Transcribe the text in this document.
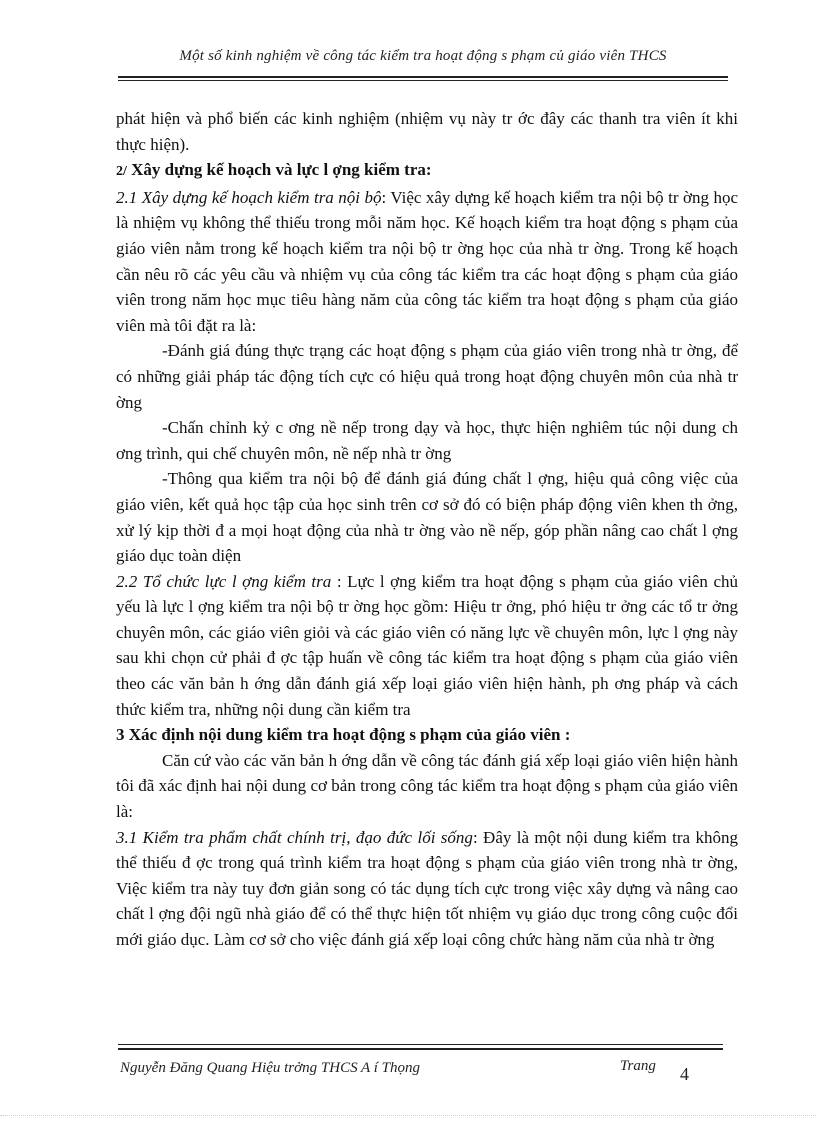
Một số kinh nghiệm về công tác kiểm tra hoạt động s phạm củ giáo viên THCS

phát hiện và phổ biến các kinh nghiệm (nhiệm vụ này tr ớc đây các thanh tra viên ít khi thực hiện).

2/ Xây dựng kế hoạch và lực l ợng kiểm tra:

2.1 Xây dựng kế hoạch kiểm tra nội bộ: Việc xây dựng kế hoạch kiểm tra nội bộ tr ờng học là nhiệm vụ không thể thiếu trong mỗi năm học. Kế hoạch kiểm tra hoạt động s phạm của giáo viên nằm trong kế hoạch kiểm tra nội bộ tr ờng học của nhà tr ờng. Trong kế hoạch cần nêu rõ các yêu cầu và nhiệm vụ của công tác kiểm tra các hoạt động s phạm của giáo viên trong năm học mục tiêu hàng năm của công tác kiểm tra hoạt động s phạm của giáo viên mà tôi đặt ra là:

-Đánh giá đúng thực trạng các hoạt động s phạm của giáo viên trong nhà tr ờng, để có những giải pháp tác động tích cực có hiệu quả trong hoạt động chuyên môn của nhà tr ờng

-Chấn chỉnh kỷ c ơng nề nếp trong dạy và học, thực hiện nghiêm túc nội dung ch ơng trình, qui chế chuyên môn, nề nếp nhà tr ờng

-Thông qua kiểm tra nội bộ để đánh giá đúng chất l ợng, hiệu quả công việc của giáo viên, kết quả học tập của học sinh trên cơ sở đó có biện pháp động viên khen th ởng, xử lý kịp thời đ a mọi hoạt động của nhà tr ờng vào nề nếp, góp phần nâng cao chất l ợng giáo dục toàn diện

2.2 Tổ chức lực l ợng kiểm tra : Lực l ợng kiểm tra hoạt động s phạm của giáo viên chủ yếu là lực l ợng kiểm tra nội bộ tr ờng học gồm: Hiệu tr ởng, phó hiệu tr ởng các tổ tr ởng chuyên môn, các giáo viên giỏi và các giáo viên có năng lực về chuyên môn, lực l ợng này sau khi chọn cử phải đ ợc tập huấn về công tác kiểm tra hoạt động s phạm của giáo viên theo các văn bản h ớng dẫn đánh giá xếp loại giáo viên hiện hành, ph ơng pháp và cách thức kiểm tra, những nội dung cần kiểm tra

3 Xác định nội dung kiểm tra hoạt động s phạm của giáo viên :

Căn cứ vào các văn bản h ớng dẫn về công tác đánh giá xếp loại giáo viên hiện hành tôi đã xác định hai nội dung cơ bản trong công tác kiểm tra hoạt động s phạm của giáo viên là:

3.1 Kiểm tra phẩm chất chính trị, đạo đức lối sống: Đây là một nội dung kiểm tra không thể thiếu đ ợc trong quá trình kiểm tra hoạt động s phạm của giáo viên trong nhà tr ờng, Việc kiểm tra này tuy đơn giản song có tác dụng tích cực trong việc xây dựng và nâng cao chất l ợng đội ngũ nhà giáo để có thể thực hiện tốt nhiệm vụ giáo dục trong công cuộc đổi mới giáo dục. Làm cơ sở cho việc đánh giá xếp loại công chức hàng năm của nhà tr ờng

Nguyễn Đăng Quang Hiệu trởng THCS A í Thọng	Trang 4
